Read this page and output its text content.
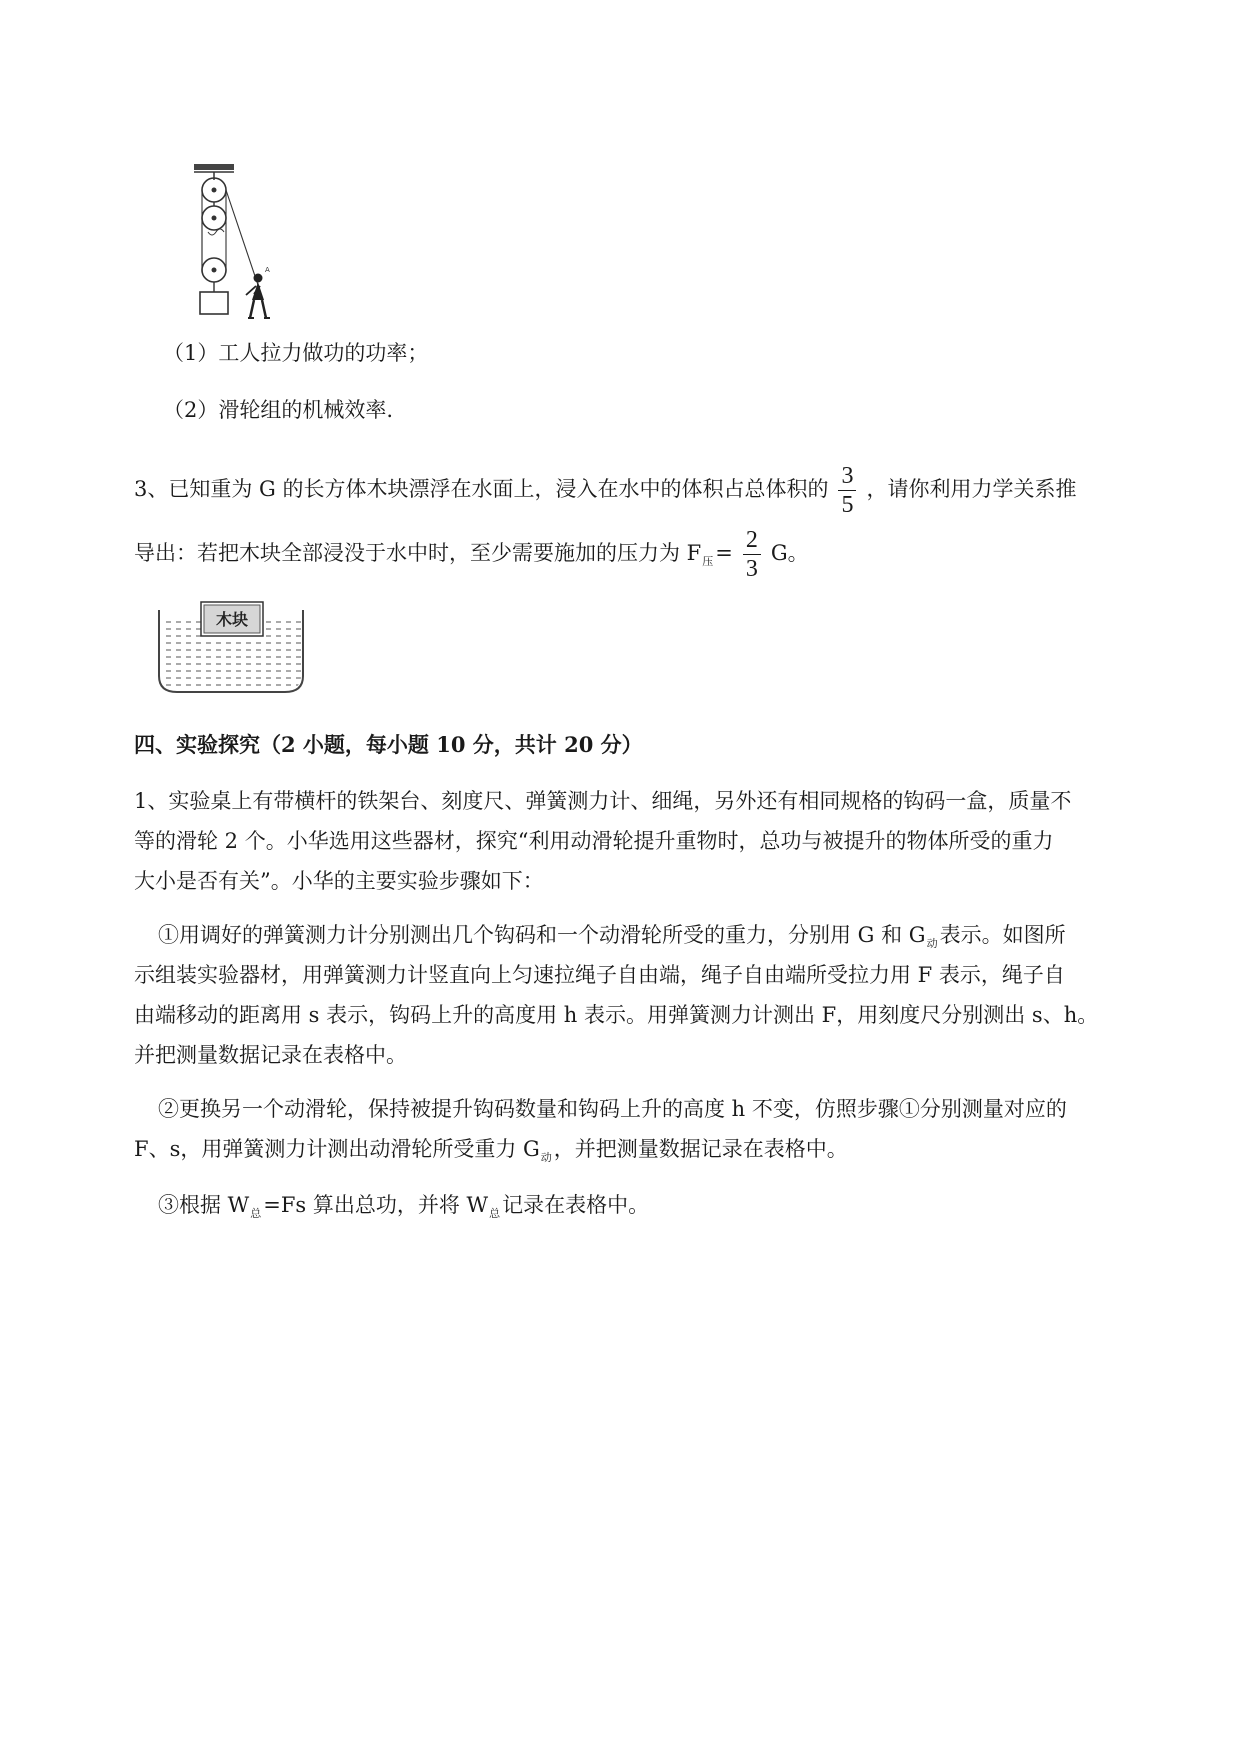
A
（1）工人拉力做功的功率；
（2）滑轮组的机械效率.
3、已知重为 G 的长方体木块漂浮在水面上，浸入在水中的体积占总体积的 $\frac{3}{5}$ ，请你利用力学关系推
导出：若把木块全部浸没于水中时，至少需要施加的压力为 $F_压= \frac{2}{3}$ G。
木块
四、实验探究（2 小题，每小题 10 分，共计 20 分）
1、实验桌上有带横杆的铁架台、刻度尺、弹簧测力计、细绳，另外还有相同规格的钩码一盒，质量不
等的滑轮 2 个。小华选用这些器材，探究“利用动滑轮提升重物时，总功与被提升的物体所受的重力
大小是否有关”。小华的主要实验步骤如下：
①用调好的弹簧测力计分别测出几个钩码和一个动滑轮所受的重力，分别用 G 和 $G_动$表示。如图所
示组装实验器材，用弹簧测力计竖直向上匀速拉绳子自由端，绳子自由端所受拉力用 F 表示，绳子自
由端移动的距离用 s 表示，钩码上升的高度用 h 表示。用弹簧测力计测出 F，用刻度尺分别测出 s、h。
并把测量数据记录在表格中。
②更换另一个动滑轮，保持被提升钩码数量和钩码上升的高度 h 不变，仿照步骤①分别测量对应的
F、s，用弹簧测力计测出动滑轮所受重力 $G_动$，并把测量数据记录在表格中。
③根据 $W_总=Fs$ 算出总功，并将 $W_总$记录在表格中。
